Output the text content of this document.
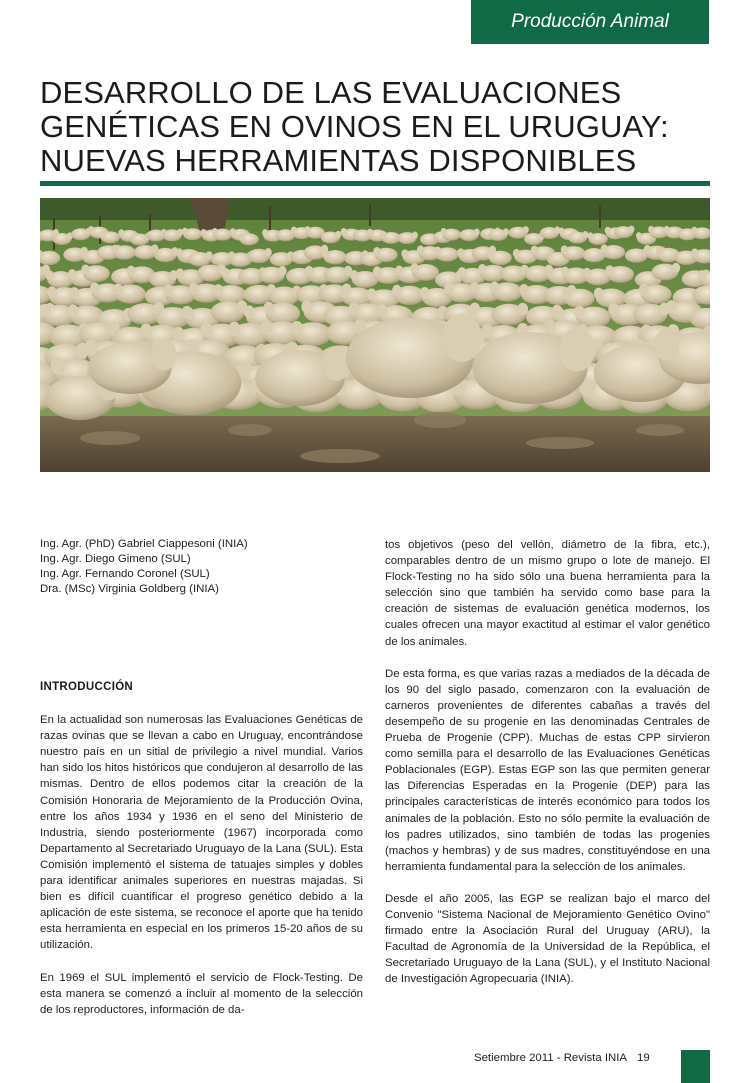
Producción Animal
DESARROLLO DE LAS EVALUACIONES
GENÉTICAS EN OVINOS EN EL URUGUAY:
NUEVAS HERRAMIENTAS DISPONIBLES
Ing. Agr. (PhD) Gabriel Ciappesoni (INIA)
Ing. Agr. Diego Gimeno (SUL)
Ing. Agr. Fernando Coronel (SUL)
Dra. (MSc) Virginia Goldberg (INIA)
INTRODUCCIÓN

En la actualidad son numerosas las Evaluaciones Genéticas de razas ovinas que se llevan a cabo en Uruguay, encontrándose nuestro país en un sitial de privilegio a nivel mundial. Varios han sido los hitos históricos que condujeron al desarrollo de las mismas. Dentro de ellos podemos citar la creación de la Comisión Honoraria de Mejoramiento de la Producción Ovina, entre los años 1934 y 1936 en el seno del Ministerio de Industria, siendo posteriormente (1967) incorporada como Departamento al Secretariado Uruguayo de la Lana (SUL). Esta Comisión implementó el sistema de tatuajes simples y dobles para identificar animales superiores en nuestras majadas. Si bien es difícil cuantificar el progreso genético debido a la aplicación de este sistema, se reconoce el aporte que ha tenido esta herramienta en especial en los primeros 15-20 años de su utilización.

En 1969 el SUL implementó el servicio de Flock-Testing. De esta manera se comenzó a incluir al momento de la selección de los reproductores, información de da-

tos objetivos (peso del vellón, diámetro de la fibra, etc.), comparables dentro de un mismo grupo o lote de manejo. El Flock-Testing no ha sido sólo una buena herramienta para la selección sino que también ha servido como base para la creación de sistemas de evaluación genética modernos, los cuales ofrecen una mayor exactitud al estimar el valor genético de los animales.

De esta forma, es que varias razas a mediados de la década de los 90 del siglo pasado, comenzaron con la evaluación de carneros provenientes de diferentes cabañas a través del desempeño de su progenie en las denominadas Centrales de Prueba de Progenie (CPP). Muchas de estas CPP sirvieron como semilla para el desarrollo de las Evaluaciones Genéticas Poblacionales (EGP). Estas EGP son las que permiten generar las Diferencias Esperadas en la Progenie (DEP) para las principales características de interés económico para todos los animales de la población. Esto no sólo permite la evaluación de los padres utilizados, sino también de todas las progenies (machos y hembras) y de sus madres, constituyéndose en una herramienta fundamental para la selección de los animales.

Desde el año 2005, las EGP se realizan bajo el marco del Convenio "Sistema Nacional de Mejoramiento Genético Ovino" firmado entre la Asociación Rural del Uruguay (ARU), la Facultad de Agronomía de la Universidad de la República, el Secretariado Uruguayo de la Lana (SUL), y el Instituto Nacional de Investigación Agropecuaria (INIA).

Setiembre 2011 - Revista INIA 19
